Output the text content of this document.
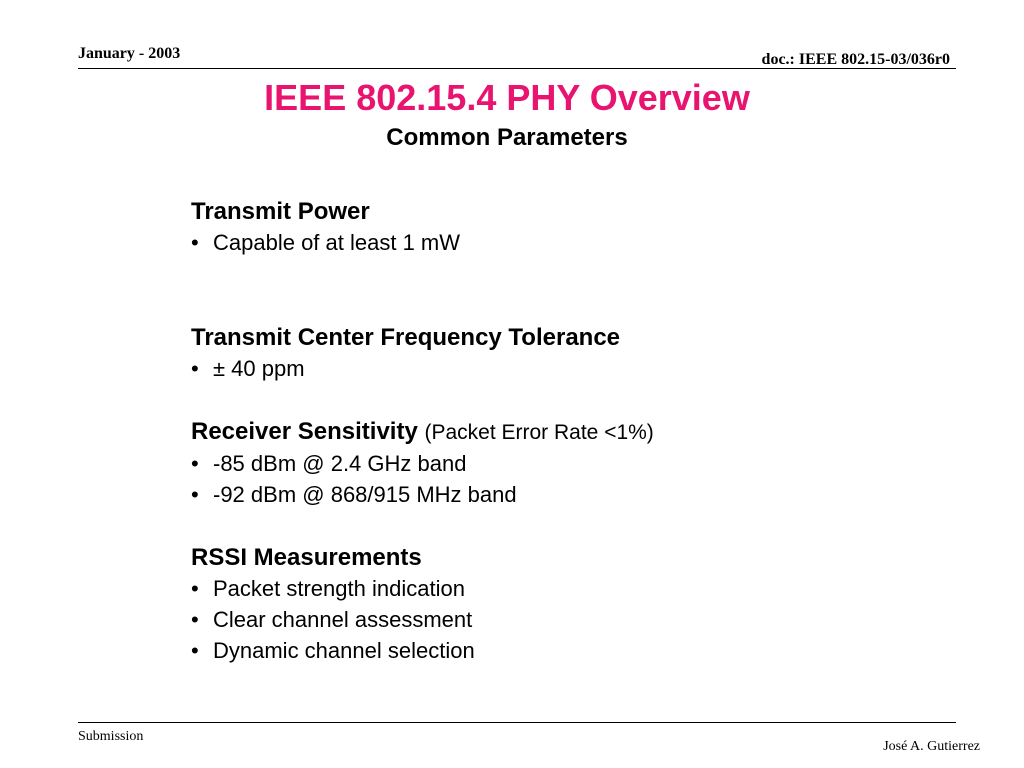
January - 2003	doc.: IEEE 802.15-03/036r0
IEEE 802.15.4 PHY Overview
Common Parameters

Transmit Power

• Capable of at least 1 mW

Transmit Center Frequency Tolerance

• ± 40 ppm

Receiver Sensitivity (Packet Error Rate <1%)

• -85 dBm @ 2.4 GHz band
• -92 dBm @ 868/915 MHz band

RSSI Measurements

• Packet strength indication
• Clear channel assessment
• Dynamic channel selection
Submission
José A. Gutierrez
